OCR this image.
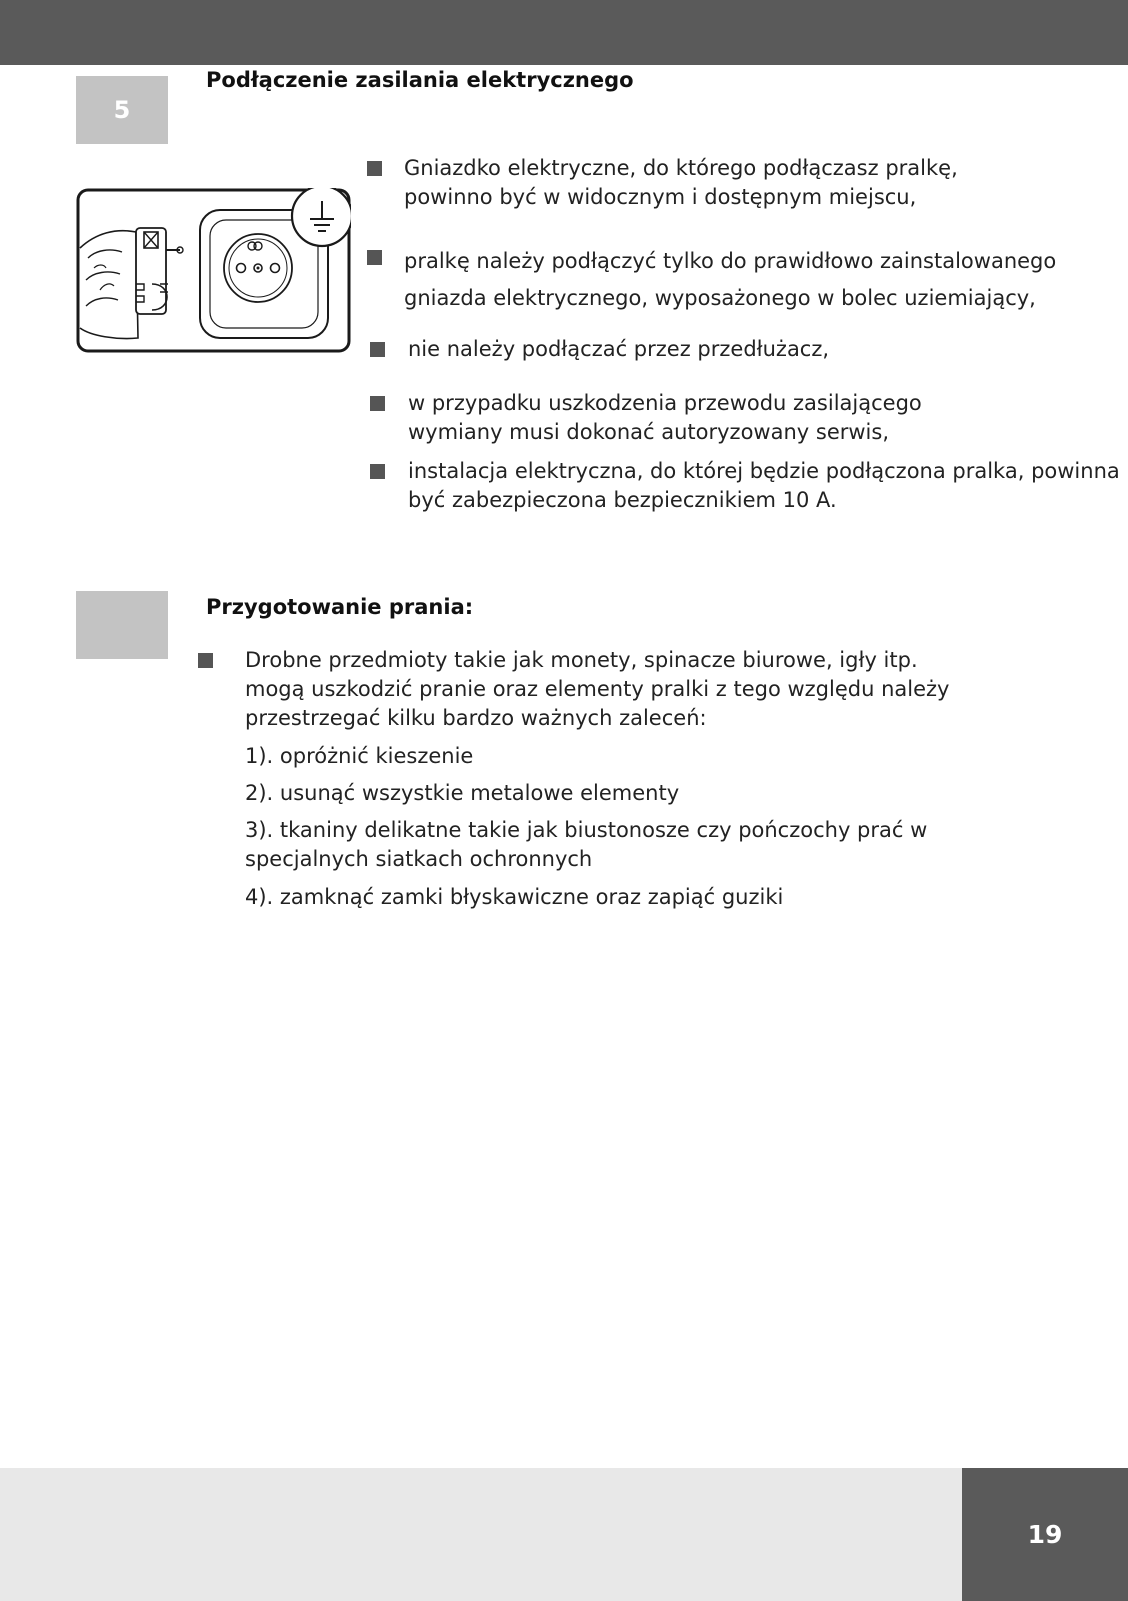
5
Podłączenie zasilania elektrycznego

Gniazdko elektryczne, do którego podłączasz pralkę,
powinno być w widocznym i dostępnym miejscu,

pralkę należy podłączyć tylko do prawidłowo zainstalowanego
gniazda elektrycznego, wyposażonego w bolec uziemiający,

nie należy podłączać przez przedłużacz,

w przypadku uszkodzenia przewodu zasilającego
wymiany musi dokonać autoryzowany serwis,

instalacja elektryczna, do której będzie podłączona pralka, powinna
być zabezpieczona bezpiecznikiem 10 A.

Przygotowanie prania:

Drobne przedmioty takie jak monety, spinacze biurowe, igły itp.
mogą uszkodzić pranie oraz elementy pralki z tego względu należy
przestrzegać kilku bardzo ważnych zaleceń:

1). opróżnić kieszenie

2). usunąć wszystkie metalowe elementy

3). tkaniny delikatne takie jak biustonosze czy pończochy prać w
specjalnych siatkach ochronnych

4). zamknąć zamki błyskawiczne oraz zapiąć guziki

19
